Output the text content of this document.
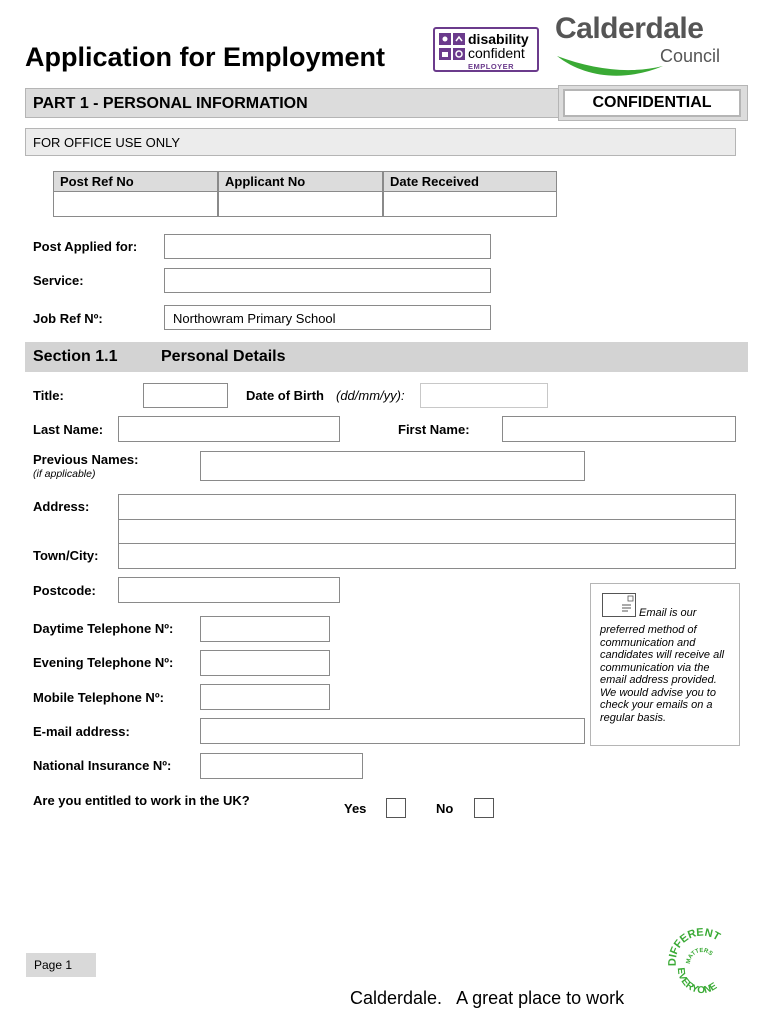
Application for Employment
disability
confident
EMPLOYER
Calderdale
Council
PART 1 - PERSONAL INFORMATION	CONFIDENTIAL
FOR OFFICE USE ONLY
Post Ref No	Applicant No	Date Received
Post Applied for:
Service:
Job Ref Nº:	Northowram Primary School
Section 1.1	Personal Details
Title:	Date of Birth (dd/mm/yy):
Last Name:	First Name:
Previous Names:
(if applicable)
Address:
Town/City:
Postcode:
Daytime Telephone Nº:
Evening Telephone Nº:
Mobile Telephone Nº:
E-mail address:
National Insurance Nº:
Are you entitled to work in the UK?
Yes	No
Email is our
preferred method of communication and candidates will receive all communication via the email address provided. We would advise you to check your emails on a regular basis.
Page 1
Calderdale.   A great place to work
DIFFERENT
MATTERS
EVERYONE
